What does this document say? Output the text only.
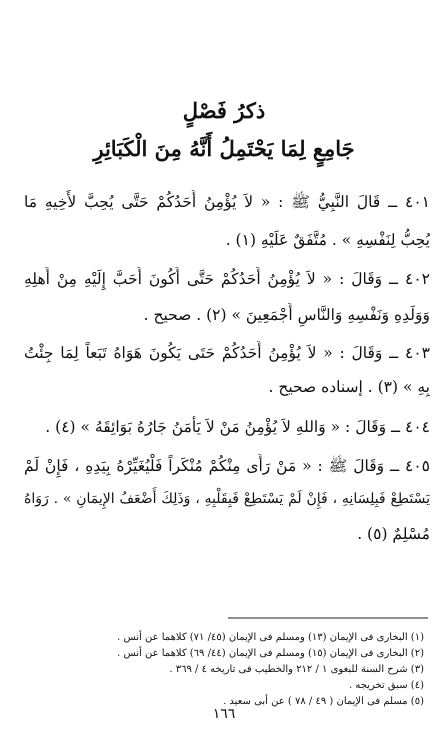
ذكرُ فَصْلٍ
جَامِعٍ لِمَا يَحْتَمِلُ أَنَّهُ مِنَ الْكَبَائِرِ
٤٠١ ــ قَالَ النَّبِيُّ ﷺ : « لاَ يُؤْمِنُ أَحَدُكُمْ حَتَّى يُحِبَّ لأَخِيهِ مَا
يُحِبُّ لِنَفْسِهِ » . مُتَّفَقٌ عَلَيْهِ (١) .
٤٠٢ ــ وَقَالَ : « لاَ يُؤْمِنُ أَحَدُكُمْ حَتَّى أَكُونَ أَحَبَّ إِلَيْهِ مِنْ أَهلِهِ
وَوَلَدِهِ وَنَفْسِهِ وَالنَّاسِ أَجْمَعِينَ » (٢) . صحيح .
٤٠٣ ــ وَقَالَ : « لاَ يُؤْمِنُ أَحَدُكُمْ حَتَى يَكُونَ هَوَاهُ تَبَعاً لِمَا جِئْتُ
بِهِ » (٣) . إسناده صحيح .
٤٠٤ ــ وَقَالَ : « وَاللهِ لاَ يُؤْمِنُ مَنْ لاَ يَأْمَنُ جَارُهُ بَوَائِقَهُ » (٤) .
٤٠٥ ــ وَقَالَ ﷺ : « مَنْ رَأَى مِنْكُمْ مُنْكَراً فَلْيُغَيِّرْهُ بِيَدِهِ ، فَإِنْ لَمْ
يَسْتَطِعْ فَبِلِسَانِهِ ، فَإِنْ لَمْ يَسْتَطِعْ فَبِقَلْبِهِ ، وَذَلِكَ أَضْعَفُ الإِيمَانِ » . رَوَاهُ
مُسْلِمٌ (٥) .
(١) البخارى فى الإيمان (١٣) ومسلم فى الإيمان (٤٥/ ٧١) كلاهما عن أنس .
(٢) البخارى فى الإيمان (١٥) ومسلم فى الإيمان (٤٤/ ٦٩) كلاهما عن أنس .
(٣) شرح السنة للبغوى ١ / ٢١٢ والخطيب فى تاريخه ٤ / ٣٦٩ .
(٤) سبق تخريجه .
(٥) مسلم فى الإيمان ( ٤٩ / ٧٨ ) عن أبى سعيد .
١٦٦
